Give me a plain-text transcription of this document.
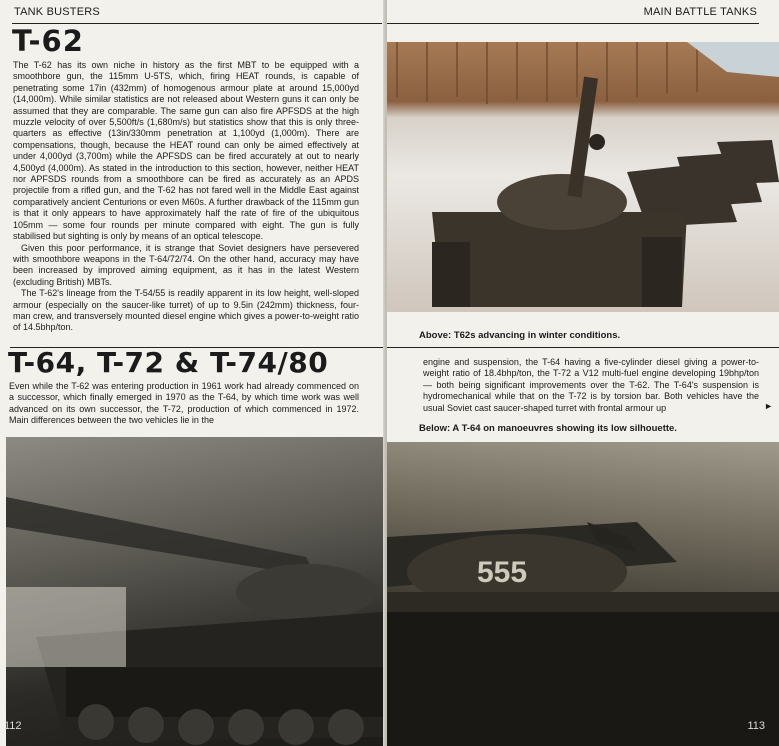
TANK BUSTERS
T-62

The T-62 has its own niche in history as the first MBT to be equipped with a smoothbore gun, the 115mm U-5TS, which, firing HEAT rounds, is capable of penetrating some 17in (432mm) of homogenous armour plate at around 15,000yd (14,000m). While similar statistics are not released about Western guns it can only be assumed that they are comparable. The same gun can also fire APFSDS at the high muzzle velocity of over 5,500ft/s (1,680m/s) but statistics show that this is only three-quarters as effective (13in/330mm penetration at 1,100yd (1,000m). There are compensations, though, because the HEAT round can only be aimed effectively at under 4,000yd (3,700m) while the APFSDS can be fired accurately at out to nearly 4,500yd (4,000m). As stated in the introduction to this section, however, neither HEAT nor APFSDS rounds from a smoothbore can be fired as accurately as an APDS projectile from a rifled gun, and the T-62 has not fared well in the Middle East against comparatively ancient Centurions or even M60s. A further drawback of the 115mm gun is that it only appears to have approximately half the rate of fire of the ubiquitous 105mm — some four rounds per minute compared with eight. The gun is fully stabilised but sighting is only by means of an optical telescope.

Given this poor performance, it is strange that Soviet designers have persevered with smoothbore weapons in the T-64/72/74. On the other hand, accuracy may have been increased by improved aiming equipment, as it has in the latest Western (excluding British) MBTs.

The T-62's lineage from the T-54/55 is readily apparent in its low height, well-sloped armour (especially on the saucer-like turret) of up to 9.5in (242mm) thickness, four-man crew, and transversely mounted diesel engine which gives a power-to-weight ratio of 14.5bhp/ton.

T-64, T-72 & T-74/80

Even while the T-62 was entering production in 1961 work had already commenced on a successor, which finally emerged in 1970 as the T-64, by which time work was well advanced on its own successor, the T-72, production of which commenced in 1972. Main differences between the two vehicles lie in the

112
MAIN BATTLE TANKS

Above: T62s advancing in winter conditions.

engine and suspension, the T-64 having a five-cylinder diesel giving a power-to-weight ratio of 18.4bhp/ton, the T-72 a V12 multi-fuel engine developing 19bhp/ton — both being significant improvements over the T-62. The T-64's suspension is hydromechanical while that on the T-72 is by torsion bar. Both vehicles have the usual Soviet cast saucer-shaped turret with frontal armour up	►

Below: A T-64 on manoeuvres showing its low silhouette.

555
113
